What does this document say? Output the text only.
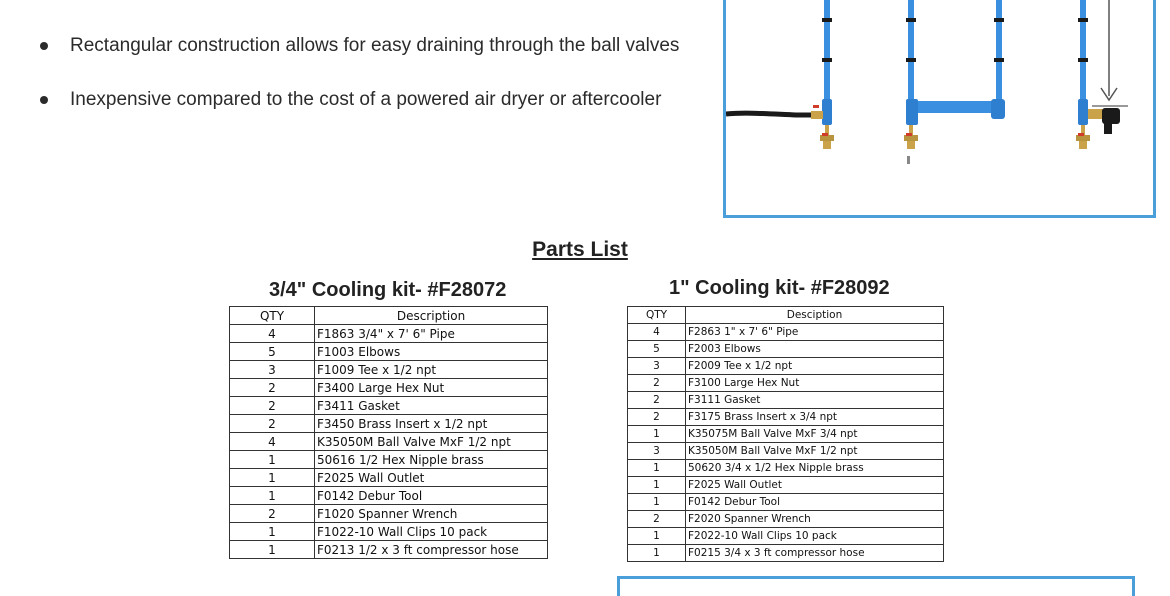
Rectangular construction allows for easy draining through the ball valves
Inexpensive compared to the cost of a powered air dryer or aftercooler
Parts List
3/4" Cooling kit- #F28072
QTY	Description
4	F1863 3/4" x 7' 6" Pipe
5	F1003 Elbows
3	F1009 Tee x 1/2 npt
2	F3400 Large Hex Nut
2	F3411 Gasket
2	F3450 Brass Insert x 1/2 npt
4	K35050M Ball Valve MxF 1/2 npt
1	50616 1/2 Hex Nipple brass
1	F2025 Wall Outlet
1	F0142 Debur Tool
2	F1020 Spanner Wrench
1	F1022-10 Wall Clips 10 pack
1	F0213 1/2 x 3 ft compressor hose
1" Cooling kit- #F28092
QTY	Desciption
4	F2863 1" x 7' 6" Pipe
5	F2003 Elbows
3	F2009 Tee x 1/2 npt
2	F3100 Large Hex Nut
2	F3111 Gasket
2	F3175 Brass Insert x 3/4 npt
1	K35075M Ball Valve MxF 3/4 npt
3	K35050M Ball Valve MxF 1/2 npt
1	50620 3/4 x 1/2 Hex Nipple brass
1	F2025 Wall Outlet
1	F0142 Debur Tool
2	F2020 Spanner Wrench
1	F2022-10 Wall Clips 10 pack
1	F0215 3/4 x 3 ft compressor hose
